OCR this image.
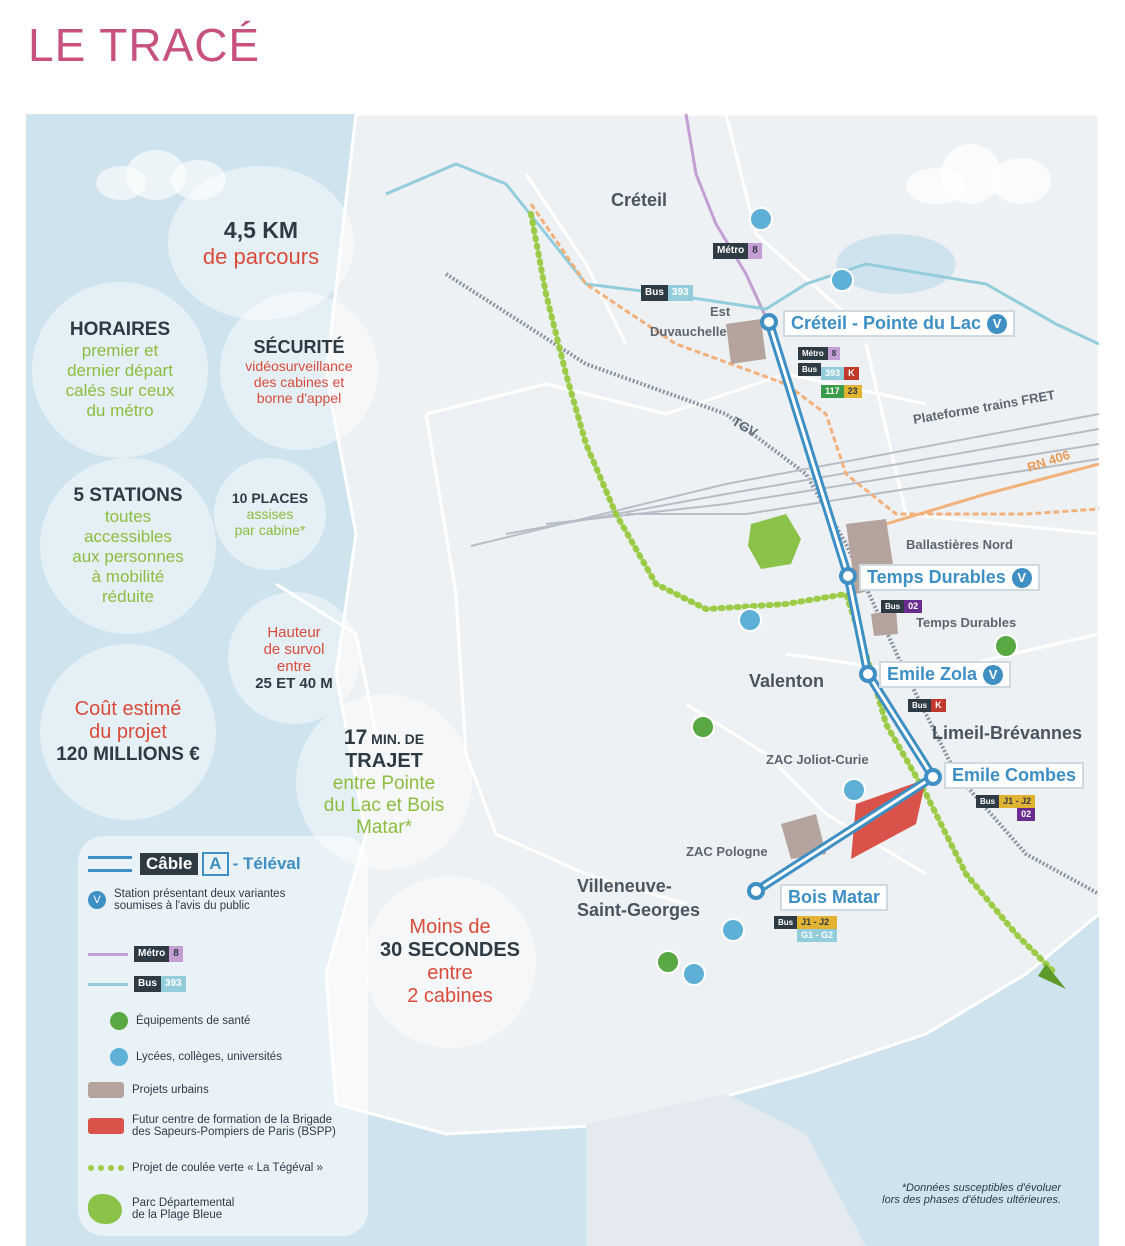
LE TRACÉ
Créteil
Valenton
Limeil-Brévannes
Villeneuve-
Saint-Georges
Est
Duvauchelle
ZAC Joliot-Curie
ZAC Pologne
Ballastières Nord
Temps Durables
TGV	Plateforme trains FRET
RN 406
Créteil - Pointe du Lac V
Temps Durables V
Emile Zola V
Emile Combes
Bois Matar
Métro 8
Bus 393
Métro 8
Bus 393 K
117 23
Bus 02
Bus K
Bus J1 - J2
02
Bus J1 - J2
G1 - G2
4,5 KM
de parcours
HORAIRES
premier et
dernier départ
calés sur ceux
du métro
SÉCURITÉ
vidéosurveillance
des cabines et
borne d'appel
5 STATIONS
toutes
accessibles
aux personnes
à mobilité
réduite
10 PLACES
assises
par cabine*
Hauteur
de survol
entre
25 ET 40 M
Coût estimé
du projet
120 MILLIONS €
17 MIN. DE
TRAJET
entre Pointe
du Lac et Bois
Matar*
Moins de
30 SECONDES
entre
2 cabines
Câble	A - Téléval
V	Station présentant deux variantes
soumises à l'avis du public
Métro 8
Bus 393
Équipements de santé
Lycées, collèges, universités
Projets urbains
Futur centre de formation de la Brigade
des Sapeurs-Pompiers de Paris (BSPP)
Projet de coulée verte « La Tégéval »
Parc Départemental
de la Plage Bleue
*Données susceptibles d'évoluer
lors des phases d'études ultérieures.
